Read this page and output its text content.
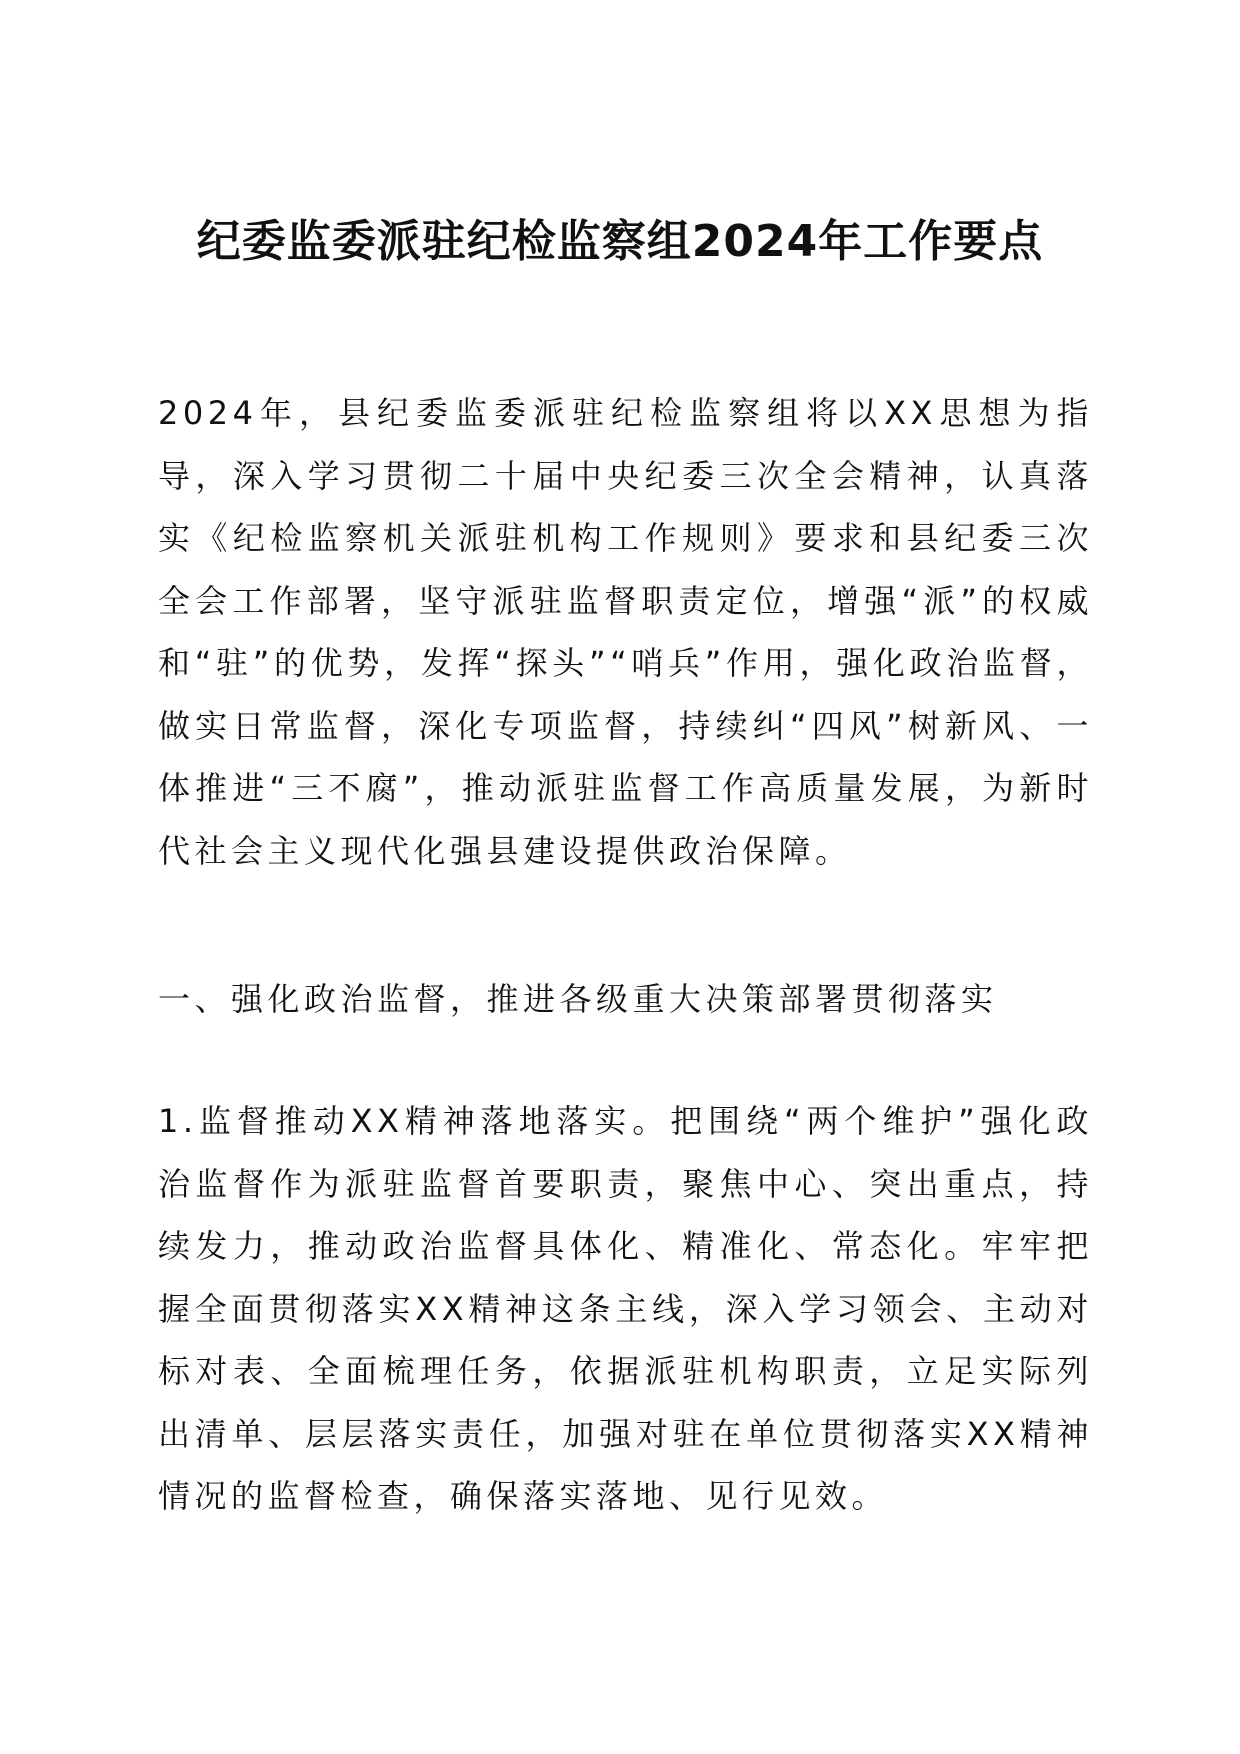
纪委监委派驻纪检监察组2024年工作要点

2024年，县纪委监委派驻纪检监察组将以XX思想为指导，深入学习贯彻二十届中央纪委三次全会精神，认真落实《纪检监察机关派驻机构工作规则》要求和县纪委三次全会工作部署，坚守派驻监督职责定位，增强“派”的权威和“驻”的优势，发挥“探头”“哨兵”作用，强化政治监督，做实日常监督，深化专项监督，持续纠“四风”树新风、一体推进“三不腐”，推动派驻监督工作高质量发展，为新时代社会主义现代化强县建设提供政治保障。

一、强化政治监督，推进各级重大决策部署贯彻落实

1.监督推动XX精神落地落实。把围绕“两个维护”强化政治监督作为派驻监督首要职责，聚焦中心、突出重点，持续发力，推动政治监督具体化、精准化、常态化。牢牢把握全面贯彻落实XX精神这条主线，深入学习领会、主动对标对表、全面梳理任务，依据派驻机构职责，立足实际列出清单、层层落实责任，加强对驻在单位贯彻落实XX精神情况的监督检查，确保落实落地、见行见效。
